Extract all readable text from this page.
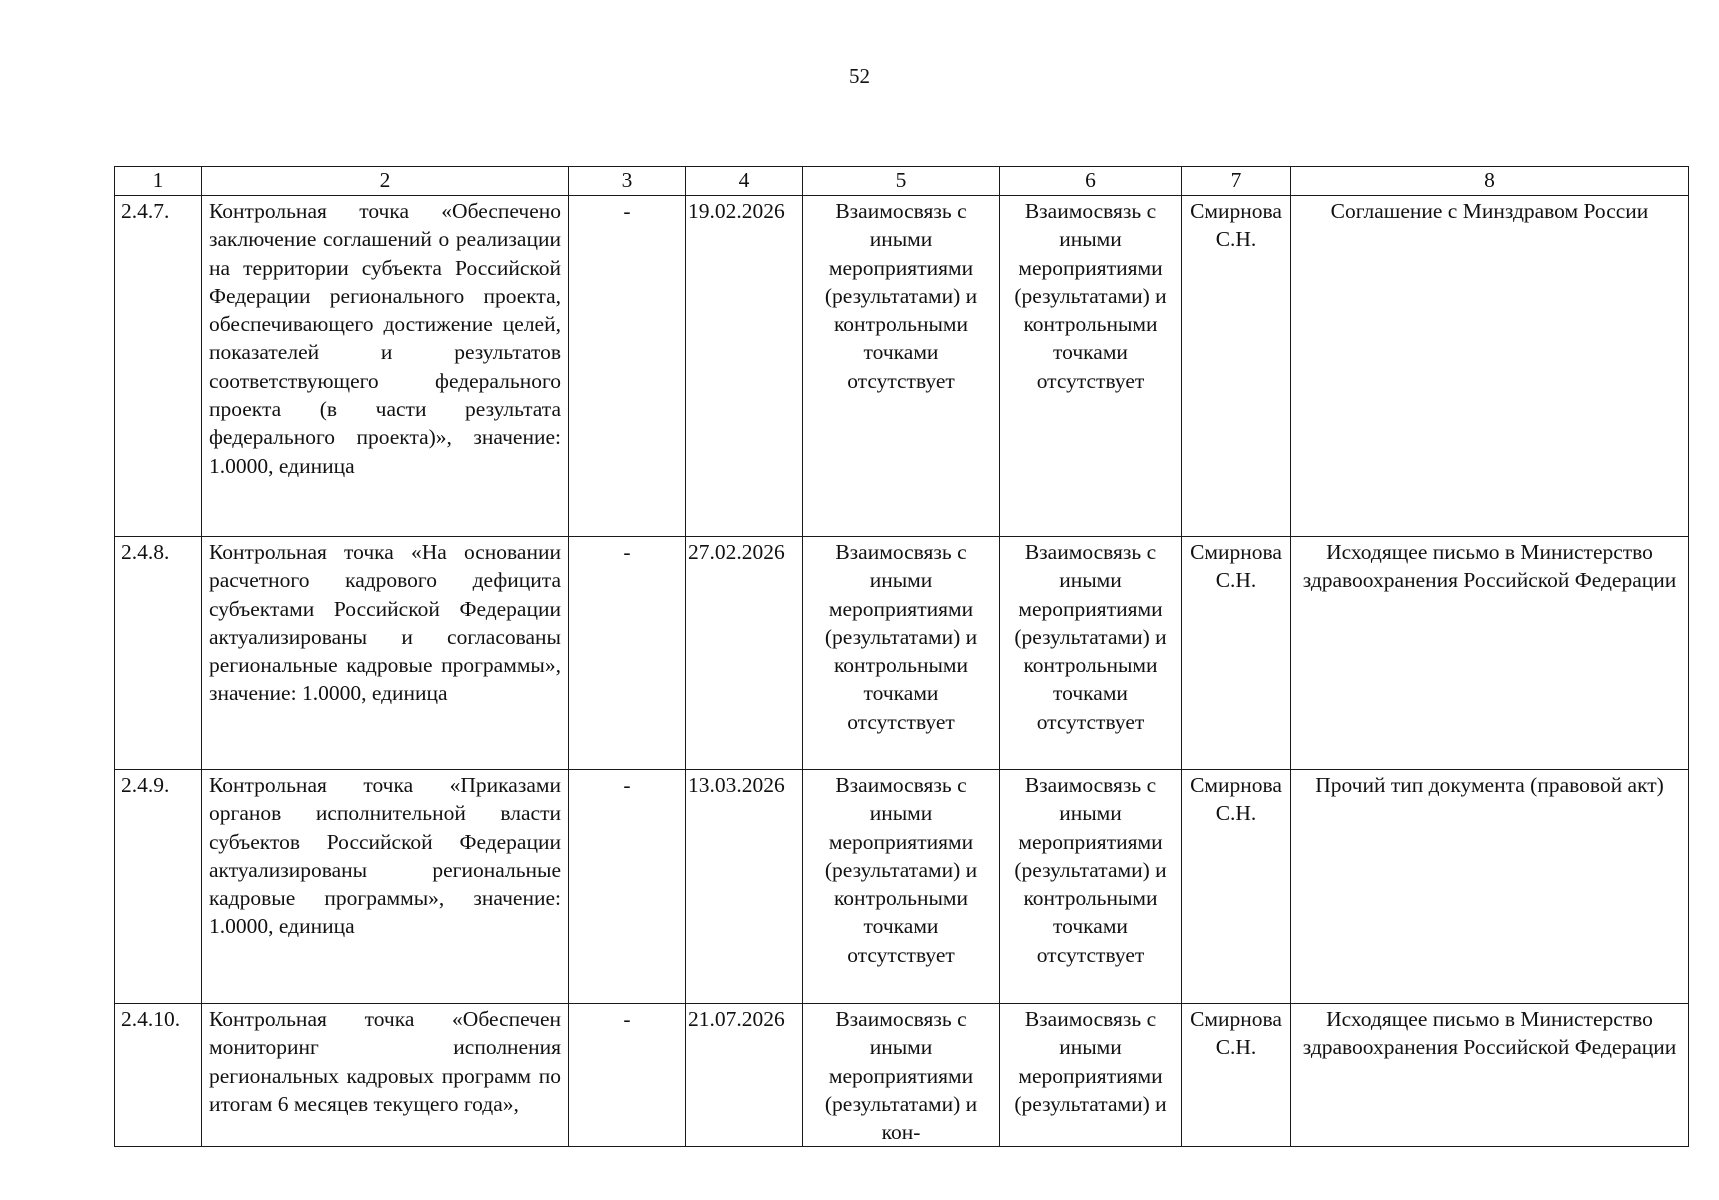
52
1	2	3	4	5	6	7	8
2.4.7.	Контрольная точка «Обеспечено заключение соглашений о реализации на территории субъекта Российской Федерации регионального проекта, обеспечивающего достижение целей, показателей и результатов соответствующего федерального проекта (в части результата федерального проекта)», значение: 1.0000, единица	-	19.02.2026	Взаимосвязь с иными мероприятиями (результатами) и контрольными точками отсутствует	Взаимосвязь с иными мероприятиями (результатами) и контрольными точками отсутствует	Смирнова С.Н.	Соглашение с Минздравом России
2.4.8.	Контрольная точка «На основании расчетного кадрового дефицита субъектами Российской Федерации актуализированы и согласованы региональные кадровые программы», значение: 1.0000, единица	-	27.02.2026	Взаимосвязь с иными мероприятиями (результатами) и контрольными точками отсутствует	Взаимосвязь с иными мероприятиями (результатами) и контрольными точками отсутствует	Смирнова С.Н.	Исходящее письмо в Министерство здравоохранения Российской Федерации
2.4.9.	Контрольная точка «Приказами органов исполнительной власти субъектов Российской Федерации актуализированы региональные кадровые программы», значение: 1.0000, единица	-	13.03.2026	Взаимосвязь с иными мероприятиями (результатами) и контрольными точками отсутствует	Взаимосвязь с иными мероприятиями (результатами) и контрольными точками отсутствует	Смирнова С.Н.	Прочий тип документа (правовой акт)
2.4.10.	Контрольная точка «Обеспечен мониторинг исполнения региональных кадровых программ по итогам 6 месяцев текущего года»,	-	21.07.2026	Взаимосвязь с иными мероприятиями (результатами) и кон-	Взаимосвязь с иными мероприятиями (результатами) и	Смирнова С.Н.	Исходящее письмо в Министерство здравоохранения Российской Федерации
